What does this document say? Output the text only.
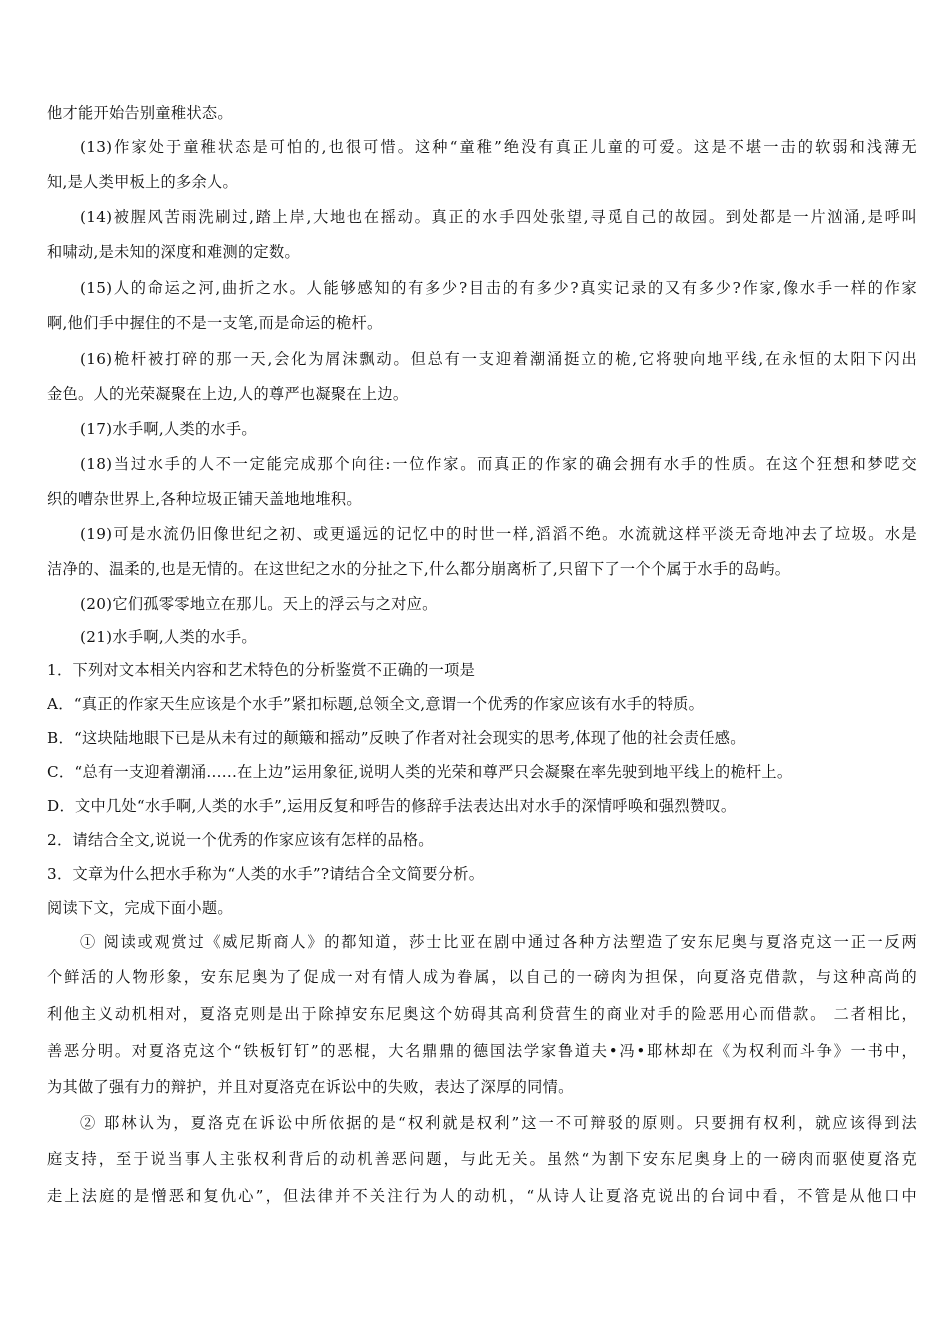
他才能开始告别童稚状态。
(13)作家处于童稚状态是可怕的,也很可惜。这种“童稚”绝没有真正儿童的可爱。这是不堪一击的软弱和浅薄无
知,是人类甲板上的多余人。
(14)被腥风苦雨洗刷过,踏上岸,大地也在摇动。真正的水手四处张望,寻觅自己的故园。到处都是一片汹涌,是呼叫
和啸动,是未知的深度和难测的定数。
(15)人的命运之河,曲折之水。人能够感知的有多少?目击的有多少?真实记录的又有多少?作家,像水手一样的作家
啊,他们手中握住的不是一支笔,而是命运的桅杆。
(16)桅杆被打碎的那一天,会化为屑沫飘动。但总有一支迎着潮涌挺立的桅,它将驶向地平线,在永恒的太阳下闪出
金色。人的光荣凝聚在上边,人的尊严也凝聚在上边。
(17)水手啊,人类的水手。
(18)当过水手的人不一定能完成那个向往:一位作家。而真正的作家的确会拥有水手的性质。在这个狂想和梦呓交
织的嘈杂世界上,各种垃圾正铺天盖地地堆积。
(19)可是水流仍旧像世纪之初、或更遥远的记忆中的时世一样,滔滔不绝。水流就这样平淡无奇地冲去了垃圾。水是
洁净的、温柔的,也是无情的。在这世纪之水的分扯之下,什么都分崩离析了,只留下了一个个属于水手的岛屿。
(20)它们孤零零地立在那儿。天上的浮云与之对应。
(21)水手啊,人类的水手。
1．下列对文本相关内容和艺术特色的分析鉴赏不正确的一项是
A．“真正的作家天生应该是个水手”紧扣标题,总领全文,意谓一个优秀的作家应该有水手的特质。
B．“这块陆地眼下已是从未有过的颠簸和摇动”反映了作者对社会现实的思考,体现了他的社会责任感。
C．“总有一支迎着潮涌......在上边”运用象征,说明人类的光荣和尊严只会凝聚在率先驶到地平线上的桅杆上。
D．文中几处“水手啊,人类的水手”,运用反复和呼告的修辞手法表达出对水手的深情呼唤和强烈赞叹。
2．请结合全文,说说一个优秀的作家应该有怎样的品格。
3．文章为什么把水手称为“人类的水手”?请结合全文简要分析。
阅读下文，完成下面小题。
① 阅读或观赏过《威尼斯商人》的都知道，莎士比亚在剧中通过各种方法塑造了安东尼奥与夏洛克这一正一反两
个鲜活的人物形象，安东尼奥为了促成一对有情人成为眷属，以自己的一磅肉为担保，向夏洛克借款，与这种高尚的
利他主义动机相对，夏洛克则是出于除掉安东尼奥这个妨碍其高利贷营生的商业对手的险恶用心而借款。 二者相比，
善恶分明。对夏洛克这个“铁板钉钉”的恶棍，大名鼎鼎的德国法学家鲁道夫•冯•耶林却在《为权利而斗争》一书中，
为其做了强有力的辩护，并且对夏洛克在诉讼中的失败，表达了深厚的同情。
② 耶林认为，夏洛克在诉讼中所依据的是“权利就是权利”这一不可辩驳的原则。只要拥有权利，就应该得到法
庭支持，至于说当事人主张权利背后的动机善恶问题，与此无关。虽然“为割下安东尼奥身上的一磅肉而驱使夏洛克
走上法庭的是憎恶和复仇心”，但法律并不关注行为人的动机，“从诗人让夏洛克说出的台词中看，不管是从他口中
